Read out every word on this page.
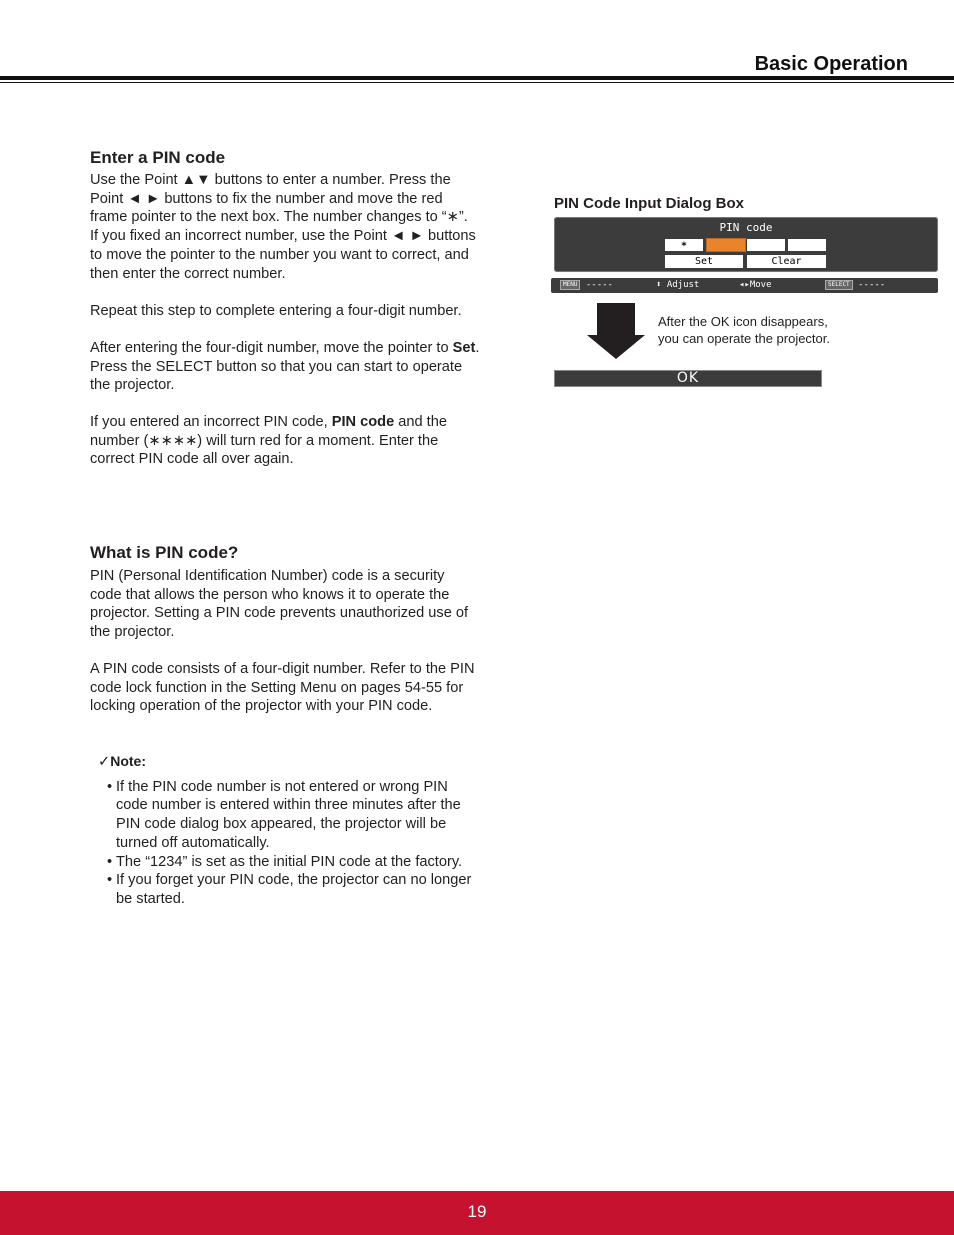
Basic Operation

Enter a PIN code

Use the Point ▲▼ buttons to enter a number. Press the
Point ◄ ► buttons to fix the number and move the red
frame pointer to the next box. The number changes to “∗”.
If you fixed an incorrect number, use the Point ◄ ► buttons
to move the pointer to the number you want to correct, and
then enter the correct number.

Repeat this step to complete entering a four-digit number.

After entering the four-digit number, move the pointer to Set.
Press the SELECT button so that you can start to operate
the projector.

If you entered an incorrect PIN code, PIN code and the
number (∗∗∗∗) will turn red for a moment. Enter the
correct PIN code all over again.

What is PIN code?

PIN (Personal Identification Number) code is a security
code that allows the person who knows it to operate the
projector. Setting a PIN code prevents unauthorized use of
the projector.

A PIN code consists of a four-digit number. Refer to the PIN
code lock function in the Setting Menu on pages 54-55 for
locking operation of the projector with your PIN code.

✓Note:
• If the PIN code number is not entered or wrong PIN
code number is entered within three minutes after the
PIN code dialog box appeared, the projector will be
turned off automatically.
• The “1234” is set as the initial PIN code at the factory.
• If you forget your PIN code, the projector can no longer
be started.
PIN Code Input Dialog Box
PIN code
∗
Set	Clear
MENU -----	⬍ Adjust	◂▸Move	SELECT -----
After the OK icon disappears,
you can operate the projector.
OK
19
